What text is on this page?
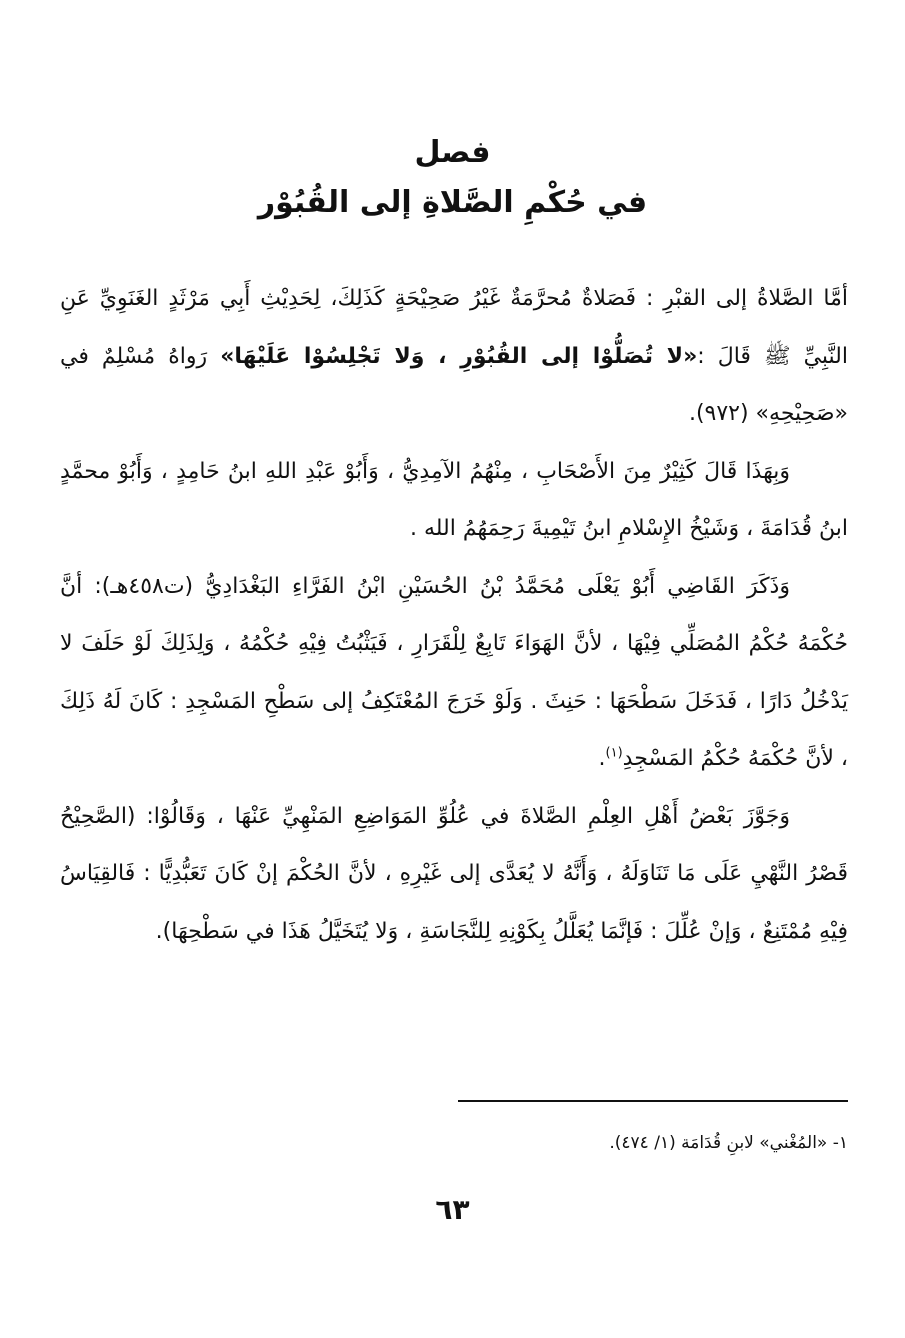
فصل
في حُكْمِ الصَّلاةِ إلى القُبُوْر

أمَّا الصَّلاةُ إلى القبْرِ : فَصَلاةٌ مُحرَّمَةٌ غَيْرُ صَحِيْحَةٍ كَذَلِكَ، لِحَدِيْثِ أَبِي مَرْثَدٍ الغَنَوِيِّ عَنِ النَّبِيِّ ﷺ قَالَ :«لا تُصَلُّوْا إلى القُبُوْرِ ، وَلا تَجْلِسُوْا عَلَيْهَا» رَواهُ مُسْلِمٌ في «صَحِيْحِهِ» (٩٧٢).

وَبِهَذَا قَالَ كَثِيْرٌ مِنَ الأَصْحَابِ ، مِنْهُمُ الآمِدِيُّ ، وَأَبُوْ عَبْدِ اللهِ ابنُ حَامِدٍ ، وَأَبُوْ محمَّدٍ ابنُ قُدَامَةَ ، وَشَيْخُ الإِسْلامِ ابنُ تَيْمِيةَ رَحِمَهُمُ الله .

وَذَكَرَ القَاضِي أَبُوْ يَعْلَى مُحَمَّدُ بْنُ الحُسَيْنِ ابْنُ الفَرَّاءِ البَغْدَادِيُّ (ت٤٥٨هـ): أنَّ حُكْمَهُ حُكْمُ المُصَلِّي فِيْهَا ، لأنَّ الهَوَاءَ تَابِعٌ لِلْقَرَارِ ، فَيَثْبُتُ فِيْهِ حُكْمُهُ ، وَلِذَلِكَ لَوْ حَلَفَ لا يَدْخُلُ دَارًا ، فَدَخَلَ سَطْحَهَا : حَنِثَ . وَلَوْ خَرَجَ المُعْتَكِفُ إلى سَطْحِ المَسْجِدِ : كَانَ لَهُ ذَلِكَ ، لأنَّ حُكْمَهُ حُكْمُ المَسْجِدِ$^{(١)}$.

وَجَوَّزَ بَعْضُ أَهْلِ العِلْمِ الصَّلاةَ في عُلُوِّ المَوَاضِعِ المَنْهِيِّ عَنْهَا ، وَقَالُوْا: (الصَّحِيْحُ قَصْرُ النَّهْيِ عَلَى مَا تَنَاوَلَهُ ، وَأَنَّهُ لا يُعَدَّى إلى غَيْرِهِ ، لأنَّ الحُكْمَ إنْ كَانَ تَعَبُّدِيًّا : فَالقِيَاسُ فِيْهِ مُمْتَنِعٌ ، وَإنْ عُلِّلَ : فَإنَّمَا يُعَلَّلُ بِكَوْنِهِ لِلنَّجَاسَةِ ، وَلا يُتَخَيَّلُ هَذَا في سَطْحِهَا).

١- «المُغْني» لابنِ قُدَامَة (١/ ٤٧٤).
٦٣
